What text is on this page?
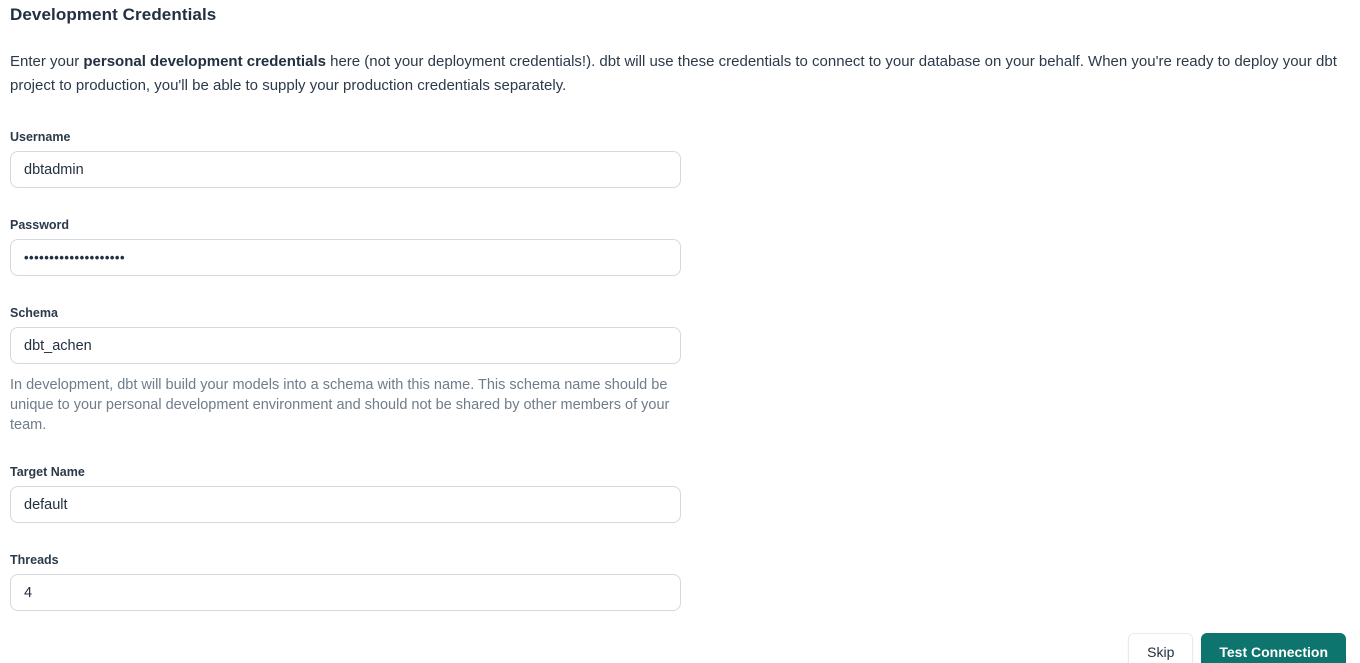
Development Credentials

Enter your personal development credentials here (not your deployment credentials!). dbt will use these credentials to connect to your database on your behalf. When you're ready to deploy your dbt project to production, you'll be able to supply your production credentials separately.

Username
dbtadmin
Password
••••••••••••••••••••
Schema
dbt_achen
In development, dbt will build your models into a schema with this name. This schema name should be unique to your personal development environment and should not be shared by other members of your team.
Target Name
default
Threads
4
Skip	Test Connection
